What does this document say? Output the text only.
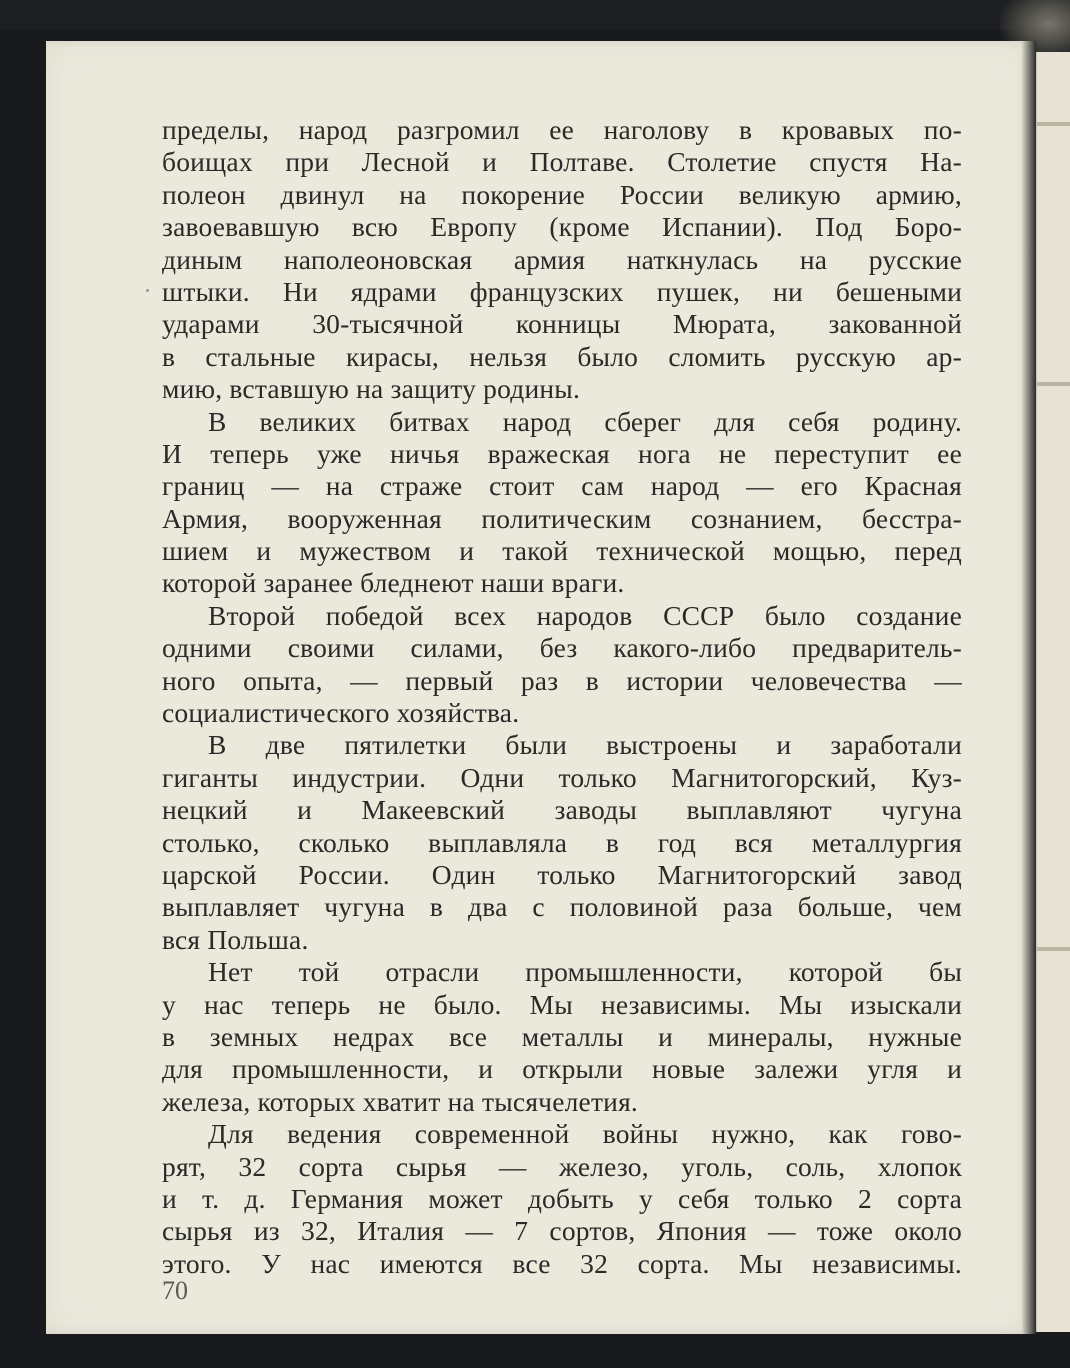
пределы, народ разгромил ее наголову в кровавых по-
боищах при Лесной и Полтаве. Столетие спустя На-
полеон двинул на покорение России великую армию,
завоевавшую всю Европу (кроме Испании). Под Боро-
диным наполеоновская армия наткнулась на русские
штыки. Ни ядрами французских пушек, ни бешеными
ударами 30-тысячной конницы Мюрата, закованной
в стальные кирасы, нельзя было сломить русскую ар-
мию, вставшую на защиту родины.
В великих битвах народ сберег для себя родину.
И теперь уже ничья вражеская нога не переступит ее
границ — на страже стоит сам народ — его Красная
Армия, вооруженная политическим сознанием, бесстра-
шием и мужеством и такой технической мощью, перед
которой заранее бледнеют наши враги.
Второй победой всех народов СССР было создание
одними своими силами, без какого-либо предваритель-
ного опыта, — первый раз в истории человечества —
социалистического хозяйства.
В две пятилетки были выстроены и заработали
гиганты индустрии. Одни только Магнитогорский, Куз-
нецкий и Макеевский заводы выплавляют чугуна
столько, сколько выплавляла в год вся металлургия
царской России. Один только Магнитогорский завод
выплавляет чугуна в два с половиной раза больше, чем
вся Польша.
Нет той отрасли промышленности, которой бы
у нас теперь не было. Мы независимы. Мы изыскали
в земных недрах все металлы и минералы, нужные
для промышленности, и открыли новые залежи угля и
железа, которых хватит на тысячелетия.
Для ведения современной войны нужно, как гово-
рят, 32 сорта сырья — железо, уголь, соль, хлопок
и т. д. Германия может добыть у себя только 2 сорта
сырья из 32, Италия — 7 сортов, Япония — тоже около
этого. У нас имеются все 32 сорта. Мы независимы.
70
